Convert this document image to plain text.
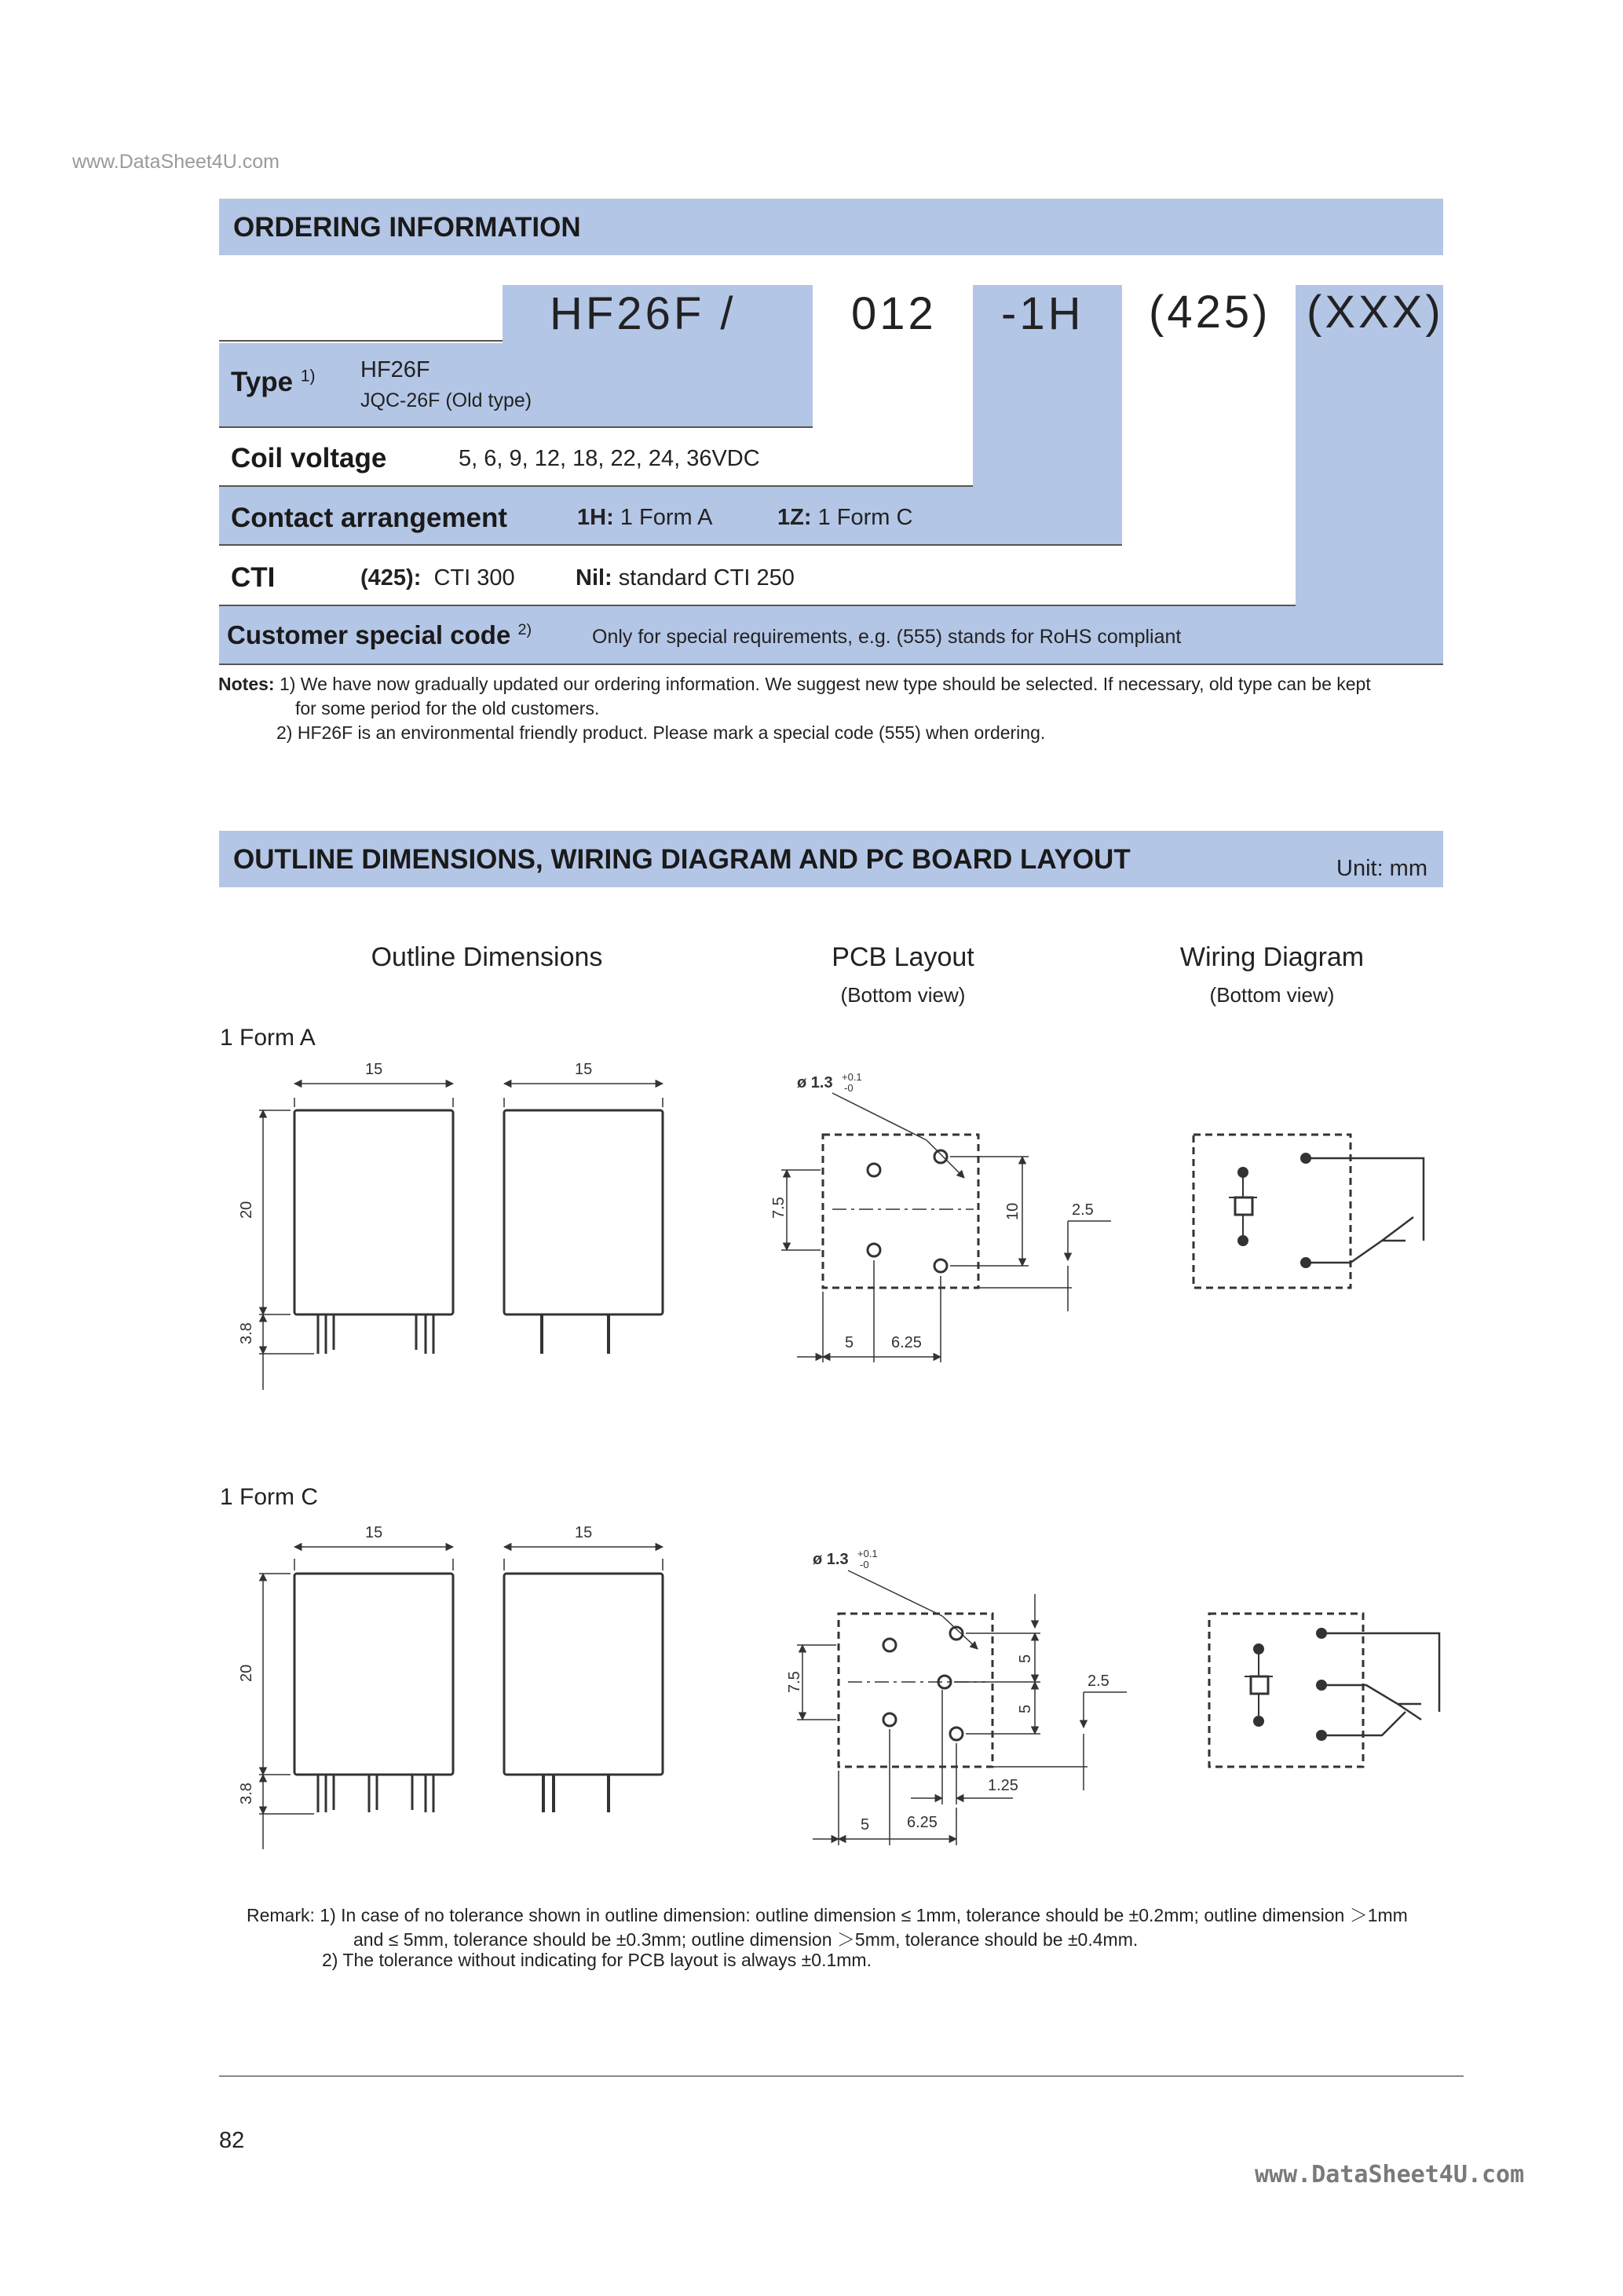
www.DataSheet4U.com
ORDERING INFORMATION
HF26F /	012 -1H (425) (XXX)
Type $^{1)}$ HF26F
JQC-26F (Old type)
Coil voltage	5, 6, 9, 12, 18, 22, 24, 36VDC
Contact arrangement	1H: 1 Form A	1Z: 1 Form C
CTI	(425): CTI 300	Nil: standard CTI 250
Customer special code $^{2)}$	Only for special requirements, e.g. (555) stands for RoHS compliant
Notes: 1) We have now gradually updated our ordering information. We suggest new type should be selected. If necessary, old type can be kept
for some period for the old customers.
2) HF26F is an environmental friendly product. Please mark a special code (555) when ordering.
OUTLINE DIMENSIONS, WIRING DIAGRAM AND PC BOARD LAYOUT	Unit: mm
Outline Dimensions	PCB Layout
(Bottom view)
Wiring Diagram
(Bottom view)
1 Form A
1 Form C
15
20
3.8
15
ø 1.3 +0.1
-0
7.5	10	2.5
5 6.25
15
20
3.8
15
ø 1.3 +0.1
-0
7.5
5
5
2.5
1.25
5 6.25
Remark: 1) In case of no tolerance shown in outline dimension: outline dimension ≤ 1mm, tolerance should be ±0.2mm; outline dimension ＞1mm
and ≤ 5mm, tolerance should be ±0.3mm; outline dimension ＞5mm, tolerance should be ±0.4mm.
2) The tolerance without indicating for PCB layout is always ±0.1mm.
82
www.DataSheet4U.com
